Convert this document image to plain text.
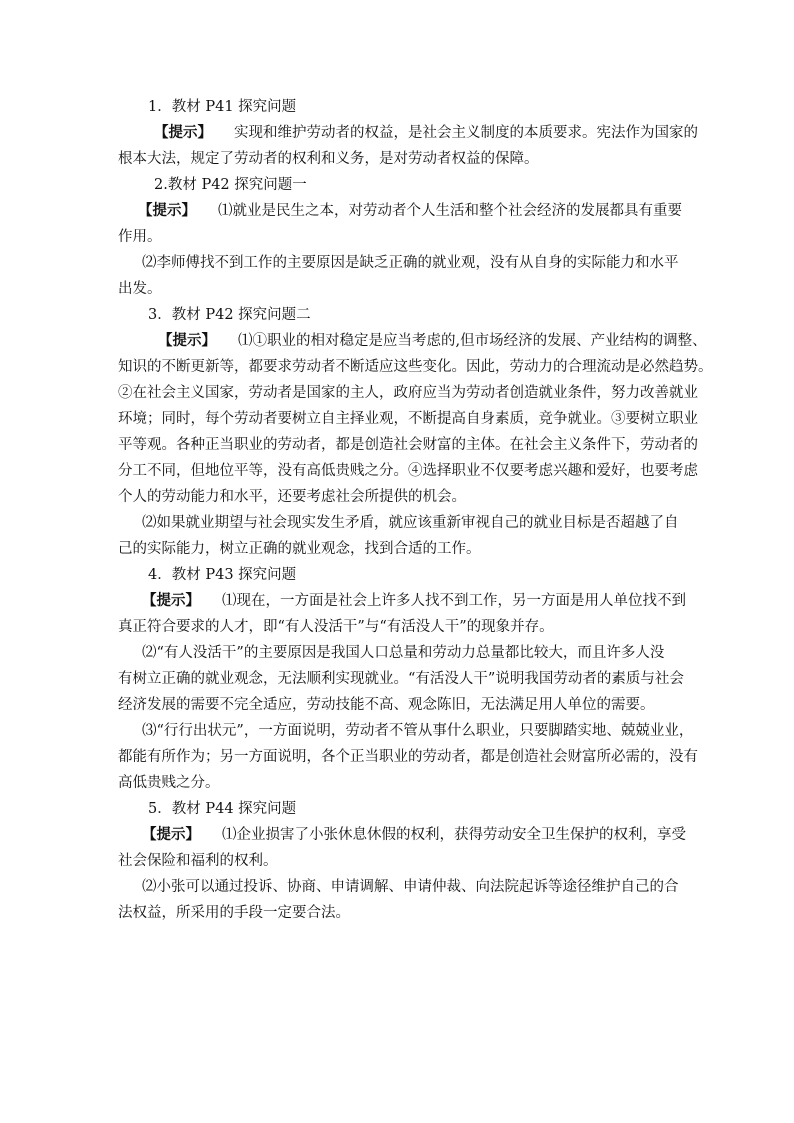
1．教材 P41 探究问题
【提示】 实现和维护劳动者的权益，是社会主义制度的本质要求。宪法作为国家的
根本大法，规定了劳动者的权利和义务，是对劳动者权益的保障。
2.教材 P42 探究问题一
【提示】 ⑴就业是民生之本，对劳动者个人生活和整个社会经济的发展都具有重要
作用。
⑵李师傅找不到工作的主要原因是缺乏正确的就业观，没有从自身的实际能力和水平
出发。
3．教材 P42 探究问题二
【提示】 ⑴①职业的相对稳定是应当考虑的,但市场经济的发展、产业结构的调整、
知识的不断更新等，都要求劳动者不断适应这些变化。因此，劳动力的合理流动是必然趋势。
②在社会主义国家，劳动者是国家的主人，政府应当为劳动者创造就业条件，努力改善就业
环境；同时，每个劳动者要树立自主择业观，不断提高自身素质，竞争就业。③要树立职业
平等观。各种正当职业的劳动者，都是创造社会财富的主体。在社会主义条件下，劳动者的
分工不同，但地位平等，没有高低贵贱之分。④选择职业不仅要考虑兴趣和爱好，也要考虑
个人的劳动能力和水平，还要考虑社会所提供的机会。
⑵如果就业期望与社会现实发生矛盾，就应该重新审视自己的就业目标是否超越了自
己的实际能力，树立正确的就业观念，找到合适的工作。
4．教材 P43 探究问题
【提示】 ⑴现在，一方面是社会上许多人找不到工作，另一方面是用人单位找不到
真正符合要求的人才，即“有人没活干”与“有活没人干”的现象并存。
⑵“有人没活干”的主要原因是我国人口总量和劳动力总量都比较大，而且许多人没
有树立正确的就业观念，无法顺利实现就业。“有活没人干”说明我国劳动者的素质与社会
经济发展的需要不完全适应，劳动技能不高、观念陈旧，无法满足用人单位的需要。
⑶“行行出状元”，一方面说明，劳动者不管从事什么职业，只要脚踏实地、兢兢业业，
都能有所作为；另一方面说明，各个正当职业的劳动者，都是创造社会财富所必需的，没有
高低贵贱之分。
5．教材 P44 探究问题
【提示】 ⑴企业损害了小张休息休假的权利，获得劳动安全卫生保护的权利，享受
社会保险和福利的权利。
⑵小张可以通过投诉、协商、申请调解、申请仲裁、向法院起诉等途径维护自己的合
法权益，所采用的手段一定要合法。
